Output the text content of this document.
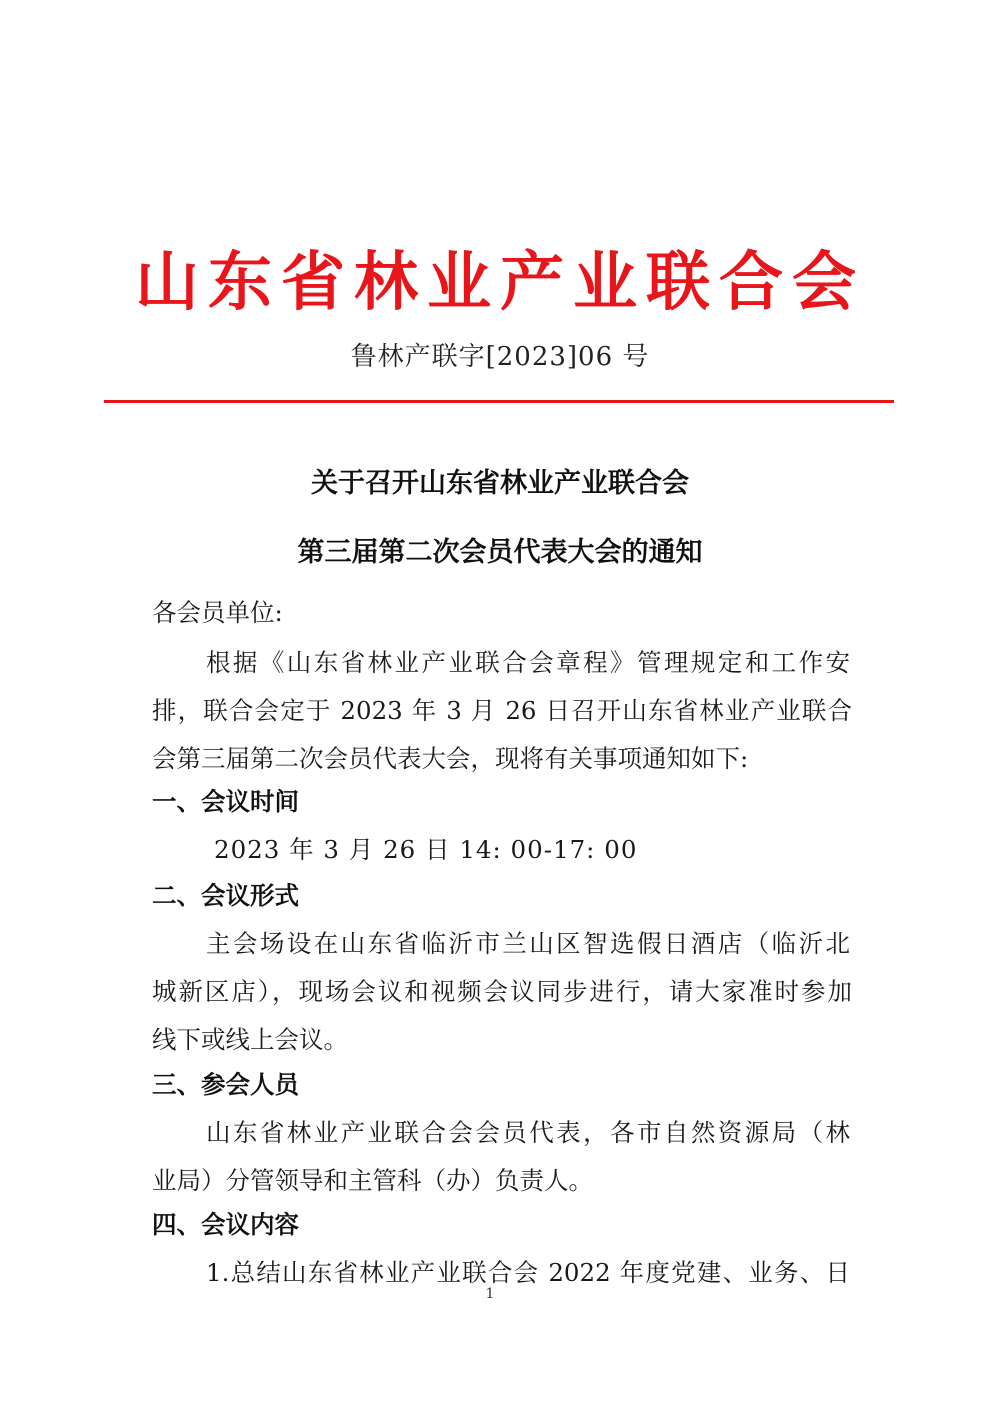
山东省林业产业联合会
鲁林产联字[2023]06 号
关于召开山东省林业产业联合会
第三届第二次会员代表大会的通知
各会员单位:
根据《山东省林业产业联合会章程》管理规定和工作安
排，联合会定于 2023 年 3 月 26 日召开山东省林业产业联合
会第三届第二次会员代表大会，现将有关事项通知如下:
一、会议时间
2023 年 3 月 26 日 14: 00-17: 00
二、会议形式
主会场设在山东省临沂市兰山区智选假日酒店（临沂北
城新区店），现场会议和视频会议同步进行，请大家准时参加
线下或线上会议。
三、参会人员
山东省林业产业联合会会员代表，各市自然资源局（林
业局）分管领导和主管科（办）负责人。
四、会议内容
1.总结山东省林业产业联合会 2022 年度党建、业务、日
1
